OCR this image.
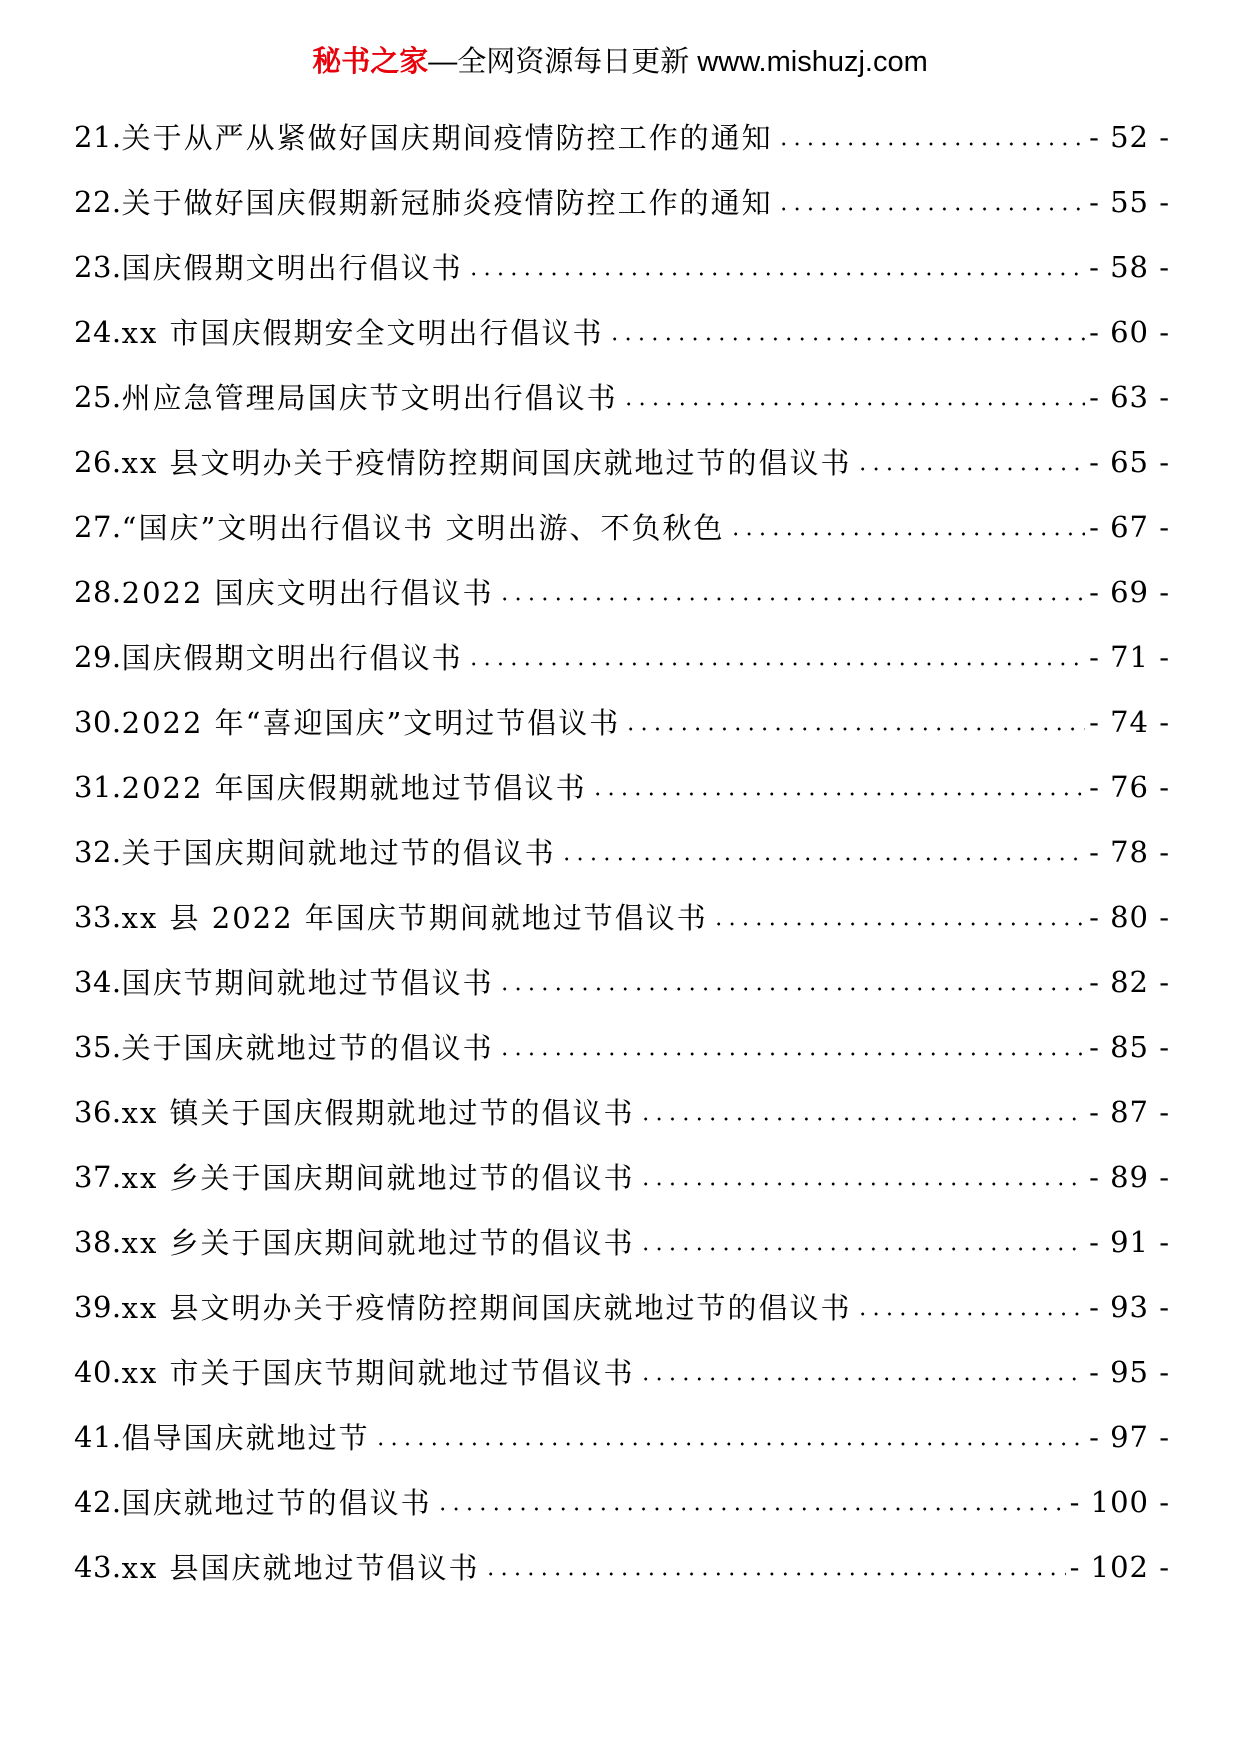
秘书之家—全网资源每日更新 www.mishuzj.com
21. 关于从严从紧做好国庆期间疫情防控工作的通知	- 52 -
22. 关于做好国庆假期新冠肺炎疫情防控工作的通知	- 55 -
23. 国庆假期文明出行倡议书	- 58 -
24. xx 市国庆假期安全文明出行倡议书	- 60 -
25. 州应急管理局国庆节文明出行倡议书	- 63 -
26. xx 县文明办关于疫情防控期间国庆就地过节的倡议书	- 65 -
27. “国庆”文明出行倡议书 文明出游、不负秋色	- 67 -
28. 2022 国庆文明出行倡议书	- 69 -
29. 国庆假期文明出行倡议书	- 71 -
30. 2022 年“喜迎国庆”文明过节倡议书	- 74 -
31. 2022 年国庆假期就地过节倡议书	- 76 -
32. 关于国庆期间就地过节的倡议书	- 78 -
33. xx 县 2022 年国庆节期间就地过节倡议书	- 80 -
34. 国庆节期间就地过节倡议书	- 82 -
35. 关于国庆就地过节的倡议书	- 85 -
36. xx 镇关于国庆假期就地过节的倡议书	- 87 -
37. xx 乡关于国庆期间就地过节的倡议书	- 89 -
38. xx 乡关于国庆期间就地过节的倡议书	- 91 -
39. xx 县文明办关于疫情防控期间国庆就地过节的倡议书	- 93 -
40. xx 市关于国庆节期间就地过节倡议书	- 95 -
41. 倡导国庆就地过节	- 97 -
42. 国庆就地过节的倡议书	- 100 -
43. xx 县国庆就地过节倡议书	- 102 -
